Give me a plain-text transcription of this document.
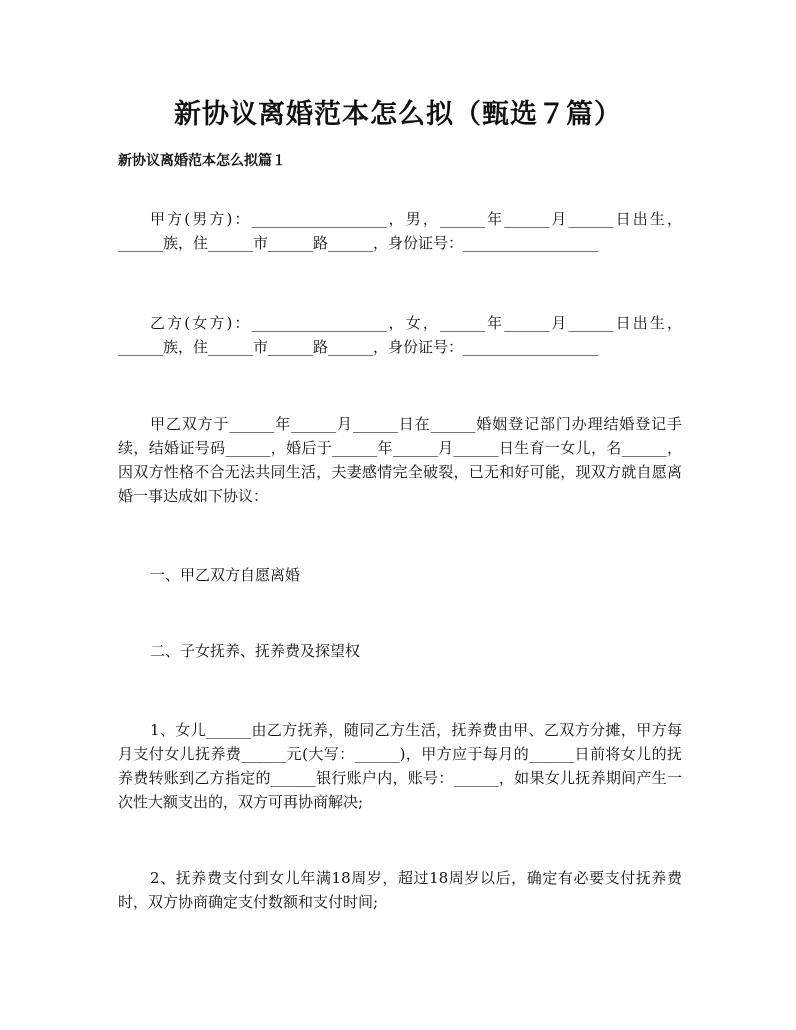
新协议离婚范本怎么拟（甄选７篇）
新协议离婚范本怎么拟篇１

甲方(男方)：__________________，男，______年______月______日出生，______族，住______市______路______，身份证号：__________________

乙方(女方)：__________________，女，______年______月______日出生，______族，住______市______路______，身份证号：__________________

甲乙双方于______年______月______日在______婚姻登记部门办理结婚登记手续，结婚证号码______，婚后于______年______月______日生育一女儿，名______，因双方性格不合无法共同生活，夫妻感情完全破裂，已无和好可能，现双方就自愿离婚一事达成如下协议：

一、甲乙双方自愿离婚

二、子女抚养、抚养费及探望权

1、女儿______由乙方抚养，随同乙方生活，抚养费由甲、乙双方分摊，甲方每月支付女儿抚养费______元(大写：______)，甲方应于每月的______日前将女儿的抚养费转账到乙方指定的______银行账户内，账号：______，如果女儿抚养期间产生一次性大额支出的，双方可再协商解决;

2、抚养费支付到女儿年满18周岁，超过18周岁以后，确定有必要支付抚养费时，双方协商确定支付数额和支付时间;
